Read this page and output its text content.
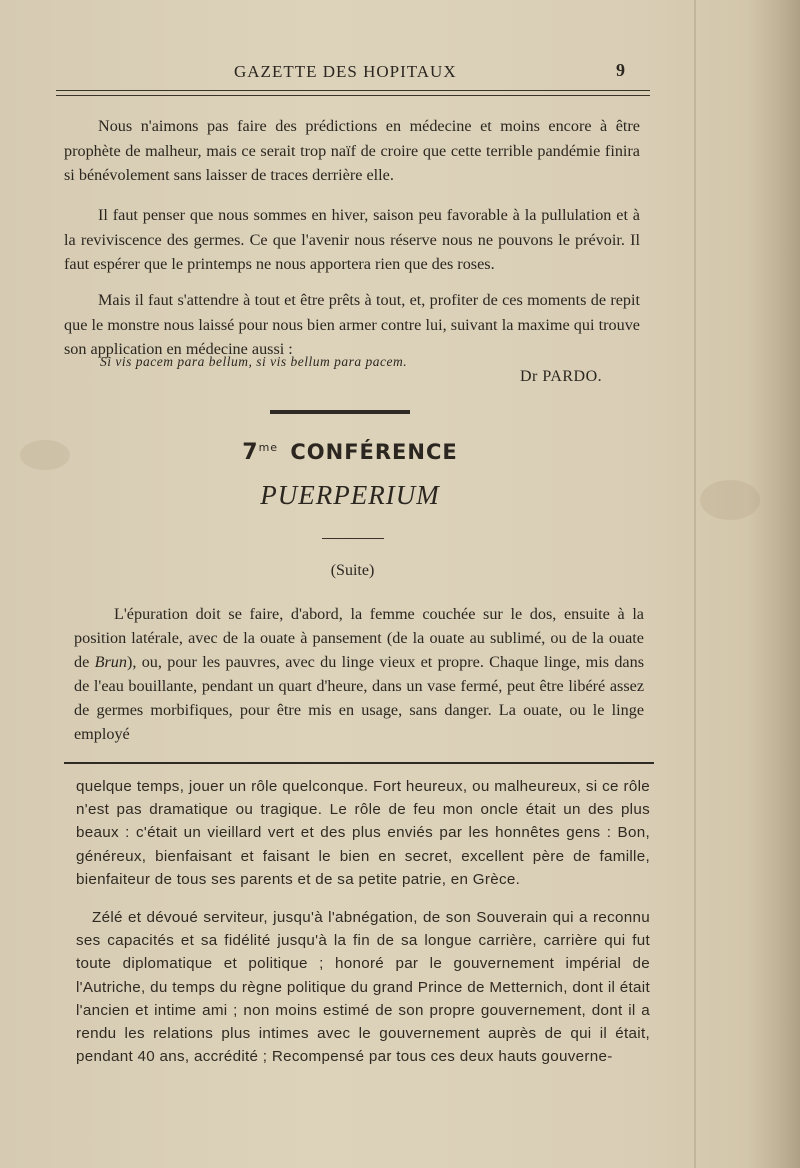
GAZETTE DES HOPITAUX	9

Nous n'aimons pas faire des prédictions en médecine et moins encore à être prophète de malheur, mais ce serait trop naïf de croire que cette terrible pandémie finira si bénévolement sans laisser de traces derrière elle.

Il faut penser que nous sommes en hiver, saison peu favorable à la pullulation et à la reviviscence des germes. Ce que l'avenir nous réserve nous ne pouvons le prévoir. Il faut espérer que le printemps ne nous apportera rien que des roses.

Mais il faut s'attendre à tout et être prêts à tout, et, profiter de ces moments de repit que le monstre nous laissé pour nous bien armer contre lui, suivant la maxime qui trouve son application en médecine aussi :

Si vis pacem para bellum, si vis bellum para pacem.
Dr PARDO.
$7^{me}$ CONFÉRENCE
PUERPERIUM
(Suite)

L'épuration doit se faire, d'abord, la femme couchée sur le dos, ensuite à la position latérale, avec de la ouate à pansement (de la ouate au sublimé, ou de la ouate de Brun), ou, pour les pauvres, avec du linge vieux et propre. Chaque linge, mis dans de l'eau bouillante, pendant un quart d'heure, dans un vase fermé, peut être libéré assez de germes morbifiques, pour être mis en usage, sans danger. La ouate, ou le linge employé

quelque temps, jouer un rôle quelconque. Fort heureux, ou malheureux, si ce rôle n'est pas dramatique ou tragique. Le rôle de feu mon oncle était un des plus beaux : c'était un vieillard vert et des plus enviés par les honnêtes gens : Bon, généreux, bienfaisant et faisant le bien en secret, excellent père de famille, bienfaiteur de tous ses parents et de sa petite patrie, en Grèce.

Zélé et dévoué serviteur, jusqu'à l'abnégation, de son Souverain qui a reconnu ses capacités et sa fidélité jusqu'à la fin de sa longue carrière, carrière qui fut toute diplomatique et politique ; honoré par le gouvernement impérial de l'Autriche, du temps du règne politique du grand Prince de Metternich, dont il était l'ancien et intime ami ; non moins estimé de son propre gouvernement, dont il a rendu les relations plus intimes avec le gouvernement auprès de qui il était, pendant 40 ans, accrédité ; Recompensé par tous ces deux hauts gouverne-
